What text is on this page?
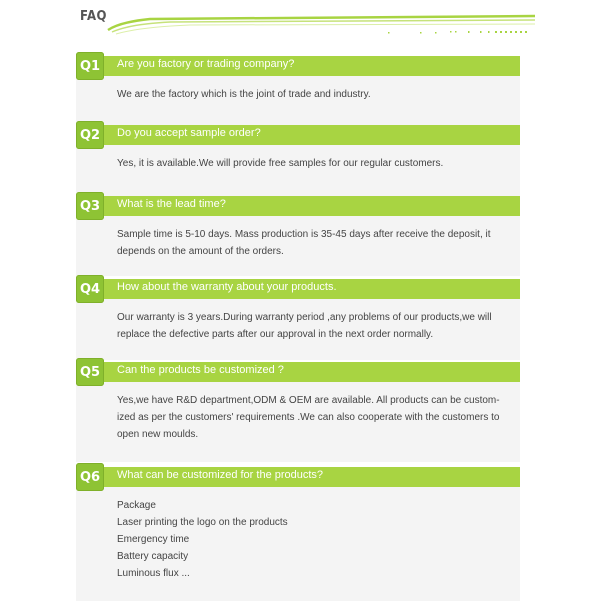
FAQ
Q1	Are you factory or trading company?

We are the factory which is the joint of trade and industry.

Q2	Do you accept sample order?

Yes, it is available.We will provide free samples for our regular customers.

Q3	What is the lead time?

Sample time is 5-10 days. Mass production is 35-45 days after receive the deposit, it

depends on the amount of the orders.

Q4	How about the warranty about your products.

Our warranty is 3 years.During warranty period ,any problems of our products,we will

replace the defective parts after our approval in the next order normally.

Q5	Can the products be customized ?

Yes,we have R&D department,ODM & OEM are available. All products can be custom-

ized as per the customers' requirements .We can also cooperate with the customers to

open new moulds.

Q6	What can be customized for the products?

Package

Laser printing the logo on the products

Emergency time

Battery capacity

Luminous flux ...
